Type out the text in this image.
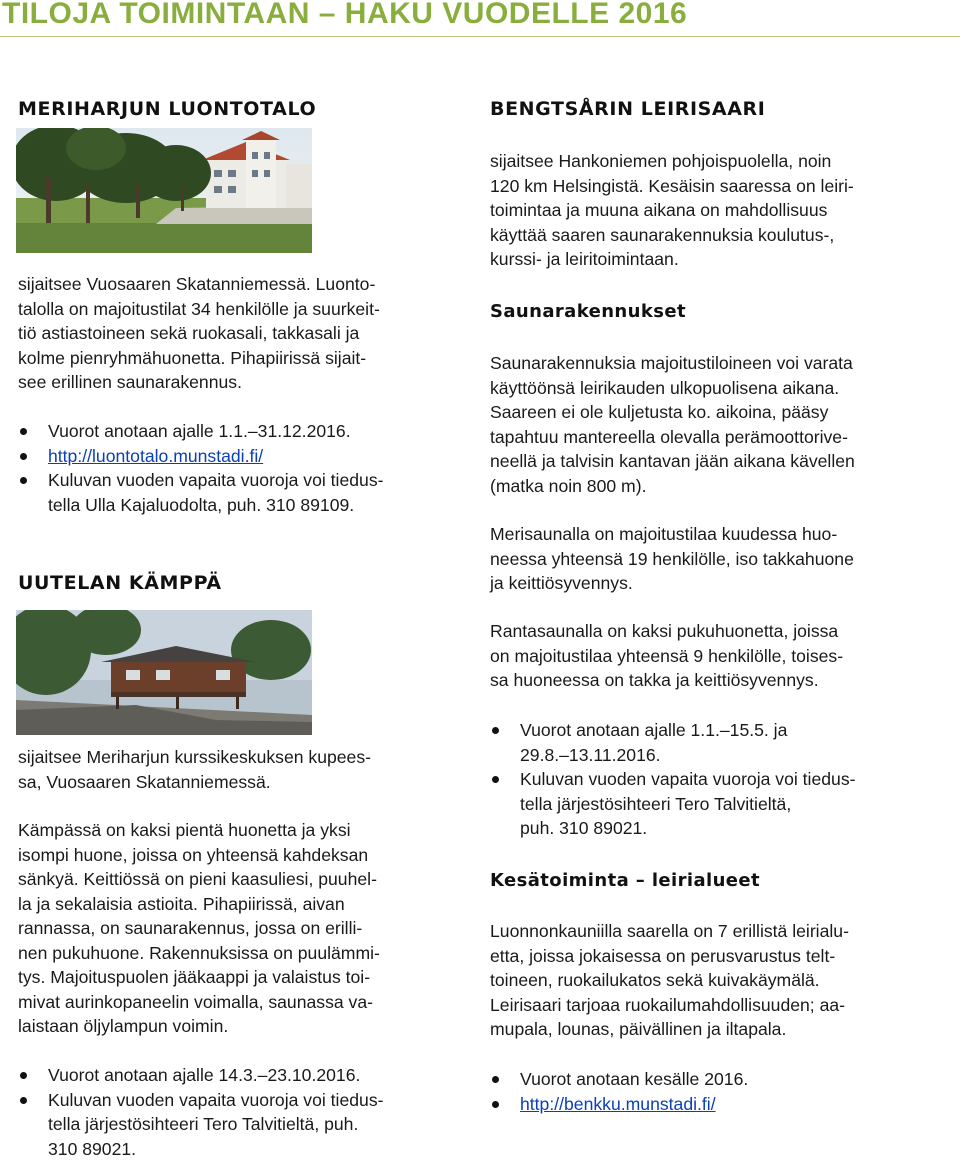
TILOJA TOIMINTAAN – HAKU VUODELLE 2016
MERIHARJUN LUONTOTALO

sijaitsee Vuosaaren Skatanniemessä. Luonto-
talolla on majoitustilat 34 henkilölle ja suurkeit-
tiö astiastoineen sekä ruokasali, takkasali ja
kolme pienryhmähuonetta. Pihapiirissä sijait-
see erillinen saunarakennus.

Vuorot anotaan ajalle 1.1.–31.12.2016.
http://luontotalo.munstadi.fi/
Kuluvan vuoden vapaita vuoroja voi tiedus-
tella Ulla Kajaluodolta, puh. 310 89109.
UUTELAN KÄMPPÄ

sijaitsee Meriharjun kurssikeskuksen kupees-
sa, Vuosaaren Skatanniemessä.

Kämpässä on kaksi pientä huonetta ja yksi
isompi huone, joissa on yhteensä kahdeksan
sänkyä. Keittiössä on pieni kaasuliesi, puuhel-
la ja sekalaisia astioita. Pihapiirissä, aivan
rannassa, on saunarakennus, jossa on erilli-
nen pukuhuone. Rakennuksissa on puulämmi-
tys. Majoituspuolen jääkaappi ja valaistus toi-
mivat aurinkopaneelin voimalla, saunassa va-
laistaan öljylampun voimin.

Vuorot anotaan ajalle 14.3.–23.10.2016.
Kuluvan vuoden vapaita vuoroja voi tiedus-
tella järjestösihteeri Tero Talvitieltä, puh.
310 89021.
BENGTSÅRIN LEIRISAARI

sijaitsee Hankoniemen pohjoispuolella, noin
120 km Helsingistä. Kesäisin saaressa on leiri-
toimintaa ja muuna aikana on mahdollisuus
käyttää saaren saunarakennuksia koulutus-,
kurssi- ja leiritoimintaan.

Saunarakennukset

Saunarakennuksia majoitustiloineen voi varata
käyttöönsä leirikauden ulkopuolisena aikana.
Saareen ei ole kuljetusta ko. aikoina, pääsy
tapahtuu mantereella olevalla perämoottorive-
neellä ja talvisin kantavan jään aikana kävellen
(matka noin 800 m).

Merisaunalla on majoitustilaa kuudessa huo-
neessa yhteensä 19 henkilölle, iso takkahuone
ja keittiösyvennys.

Rantasaunalla on kaksi pukuhuonetta, joissa
on majoitustilaa yhteensä 9 henkilölle, toises-
sa huoneessa on takka ja keittiösyvennys.

Vuorot anotaan ajalle 1.1.–15.5. ja
29.8.–13.11.2016.
Kuluvan vuoden vapaita vuoroja voi tiedus-
tella järjestösihteeri Tero Talvitieltä,
puh. 310 89021.
Kesätoiminta – leirialueet

Luonnonkauniilla saarella on 7 erillistä leirialu-
etta, joissa jokaisessa on perusvarustus telt-
toineen, ruokailukatos sekä kuivakäymälä.
Leirisaari tarjoaa ruokailumahdollisuuden; aa-
mupala, lounas, päivällinen ja iltapala.

Vuorot anotaan kesälle 2016.
http://benkku.munstadi.fi/
